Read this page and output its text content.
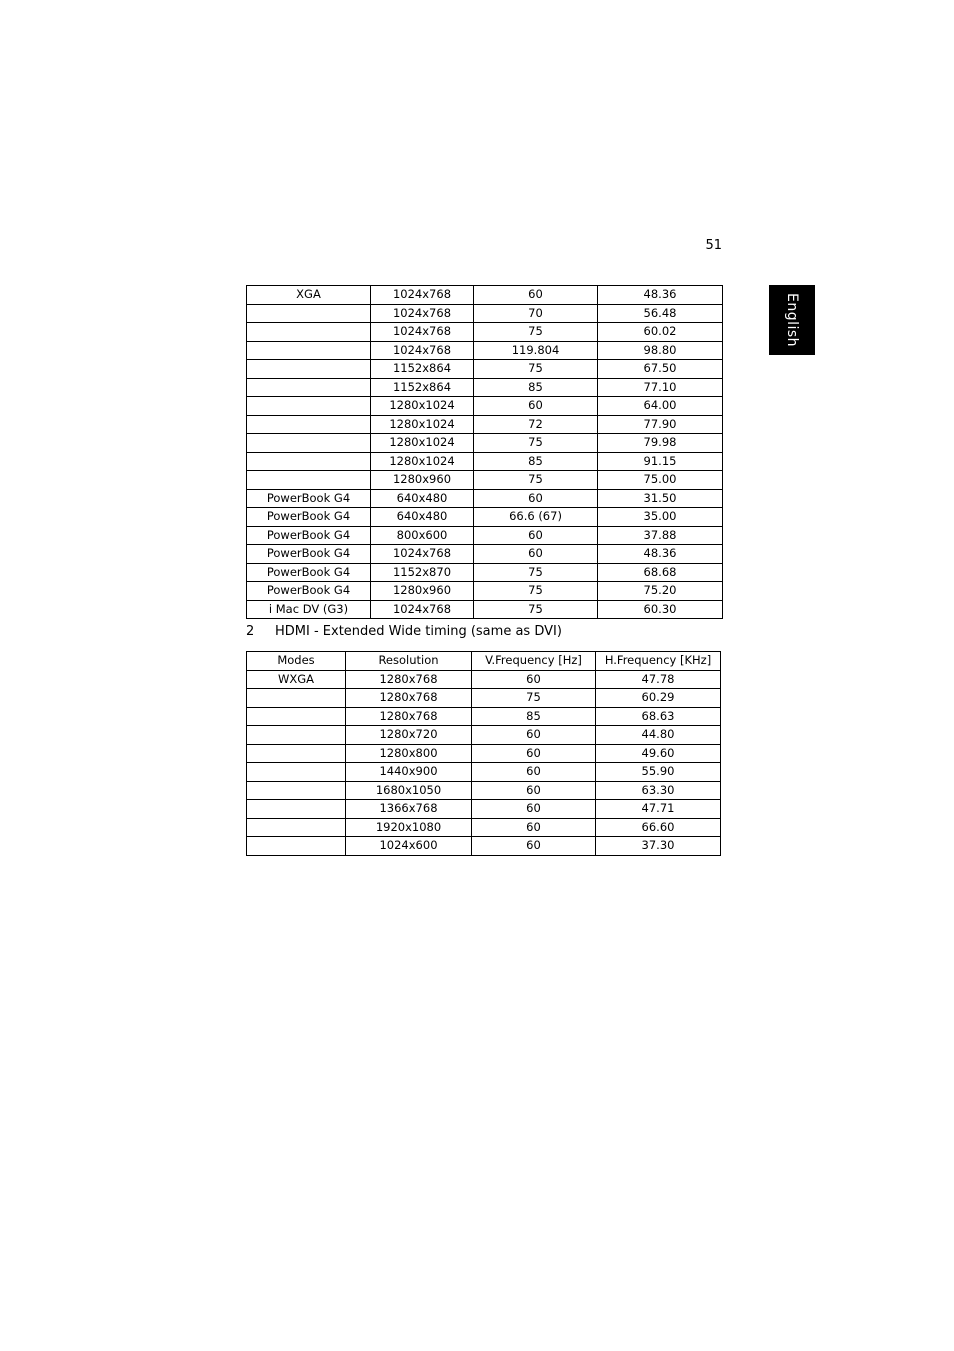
51
English
XGA	1024x768	60	48.36
	1024x768	70	56.48
	1024x768	75	60.02
	1024x768	119.804	98.80
	1152x864	75	67.50
	1152x864	85	77.10
	1280x1024	60	64.00
	1280x1024	72	77.90
	1280x1024	75	79.98
	1280x1024	85	91.15
	1280x960	75	75.00
PowerBook G4	640x480	60	31.50
PowerBook G4	640x480	66.6 (67)	35.00
PowerBook G4	800x600	60	37.88
PowerBook G4	1024x768	60	48.36
PowerBook G4	1152x870	75	68.68
PowerBook G4	1280x960	75	75.20
i Mac DV (G3)	1024x768	75	60.30
2	HDMI - Extended Wide timing (same as DVI)
Modes	Resolution	V.Frequency [Hz]	H.Frequency [KHz]
WXGA	1280x768	60	47.78
	1280x768	75	60.29
	1280x768	85	68.63
	1280x720	60	44.80
	1280x800	60	49.60
	1440x900	60	55.90
	1680x1050	60	63.30
	1366x768	60	47.71
	1920x1080	60	66.60
	1024x600	60	37.30
